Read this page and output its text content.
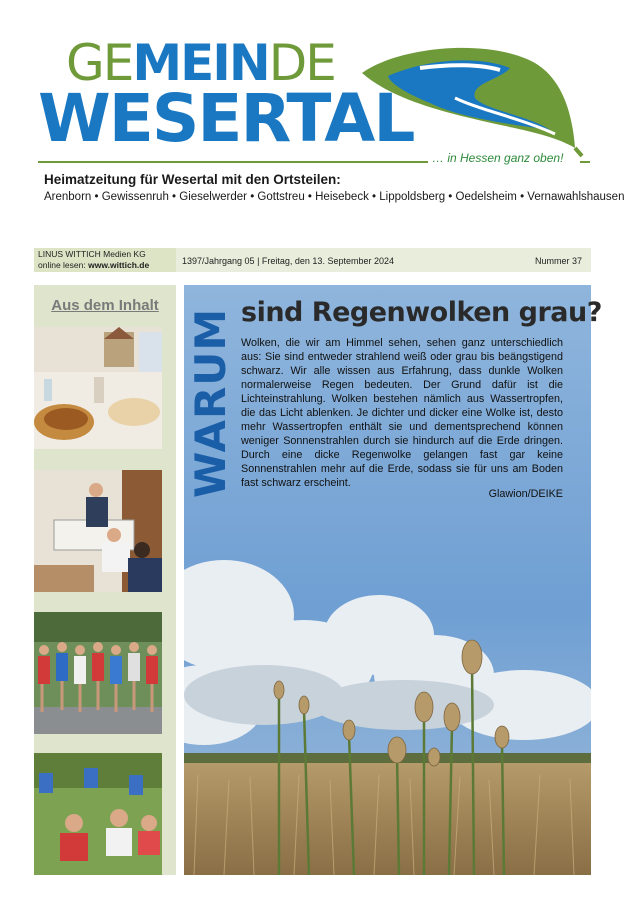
GEMEINDE
WESERTAL
… in Hessen ganz oben!
Heimatzeitung für Wesertal mit den Ortsteilen:
Arenborn • Gewissenruh • Gieselwerder • Gottstreu • Heisebeck • Lippoldsberg • Oedelsheim • Vernawahlshausen
LINUS WITTICH Medien KG
online lesen: www.wittich.de	1397/Jahrgang 05 | Freitag, den 13. September 2024	Nummer 37
Aus dem Inhalt
WARUM sind Regenwolken grau?
Wolken, die wir am Himmel sehen, sehen ganz unterschiedlich aus: Sie sind entweder strahlend weiß oder grau bis beängstigend schwarz. Wir alle wissen aus Erfahrung, dass dunkle Wolken normalerweise Regen bedeuten. Der Grund dafür ist die Lichteinstrahlung. Wolken bestehen nämlich aus Wassertropfen, die das Licht ablenken. Je dichter und dicker eine Wolke ist, desto mehr Wassertropfen enthält sie und dementsprechend können weniger Sonnenstrahlen durch sie hindurch auf die Erde dringen. Durch eine dicke Regenwolke gelangen fast gar keine Sonnenstrahlen mehr auf die Erde, sodass sie für uns am Boden fast schwarz erscheint.
Glawion/DEIKE
